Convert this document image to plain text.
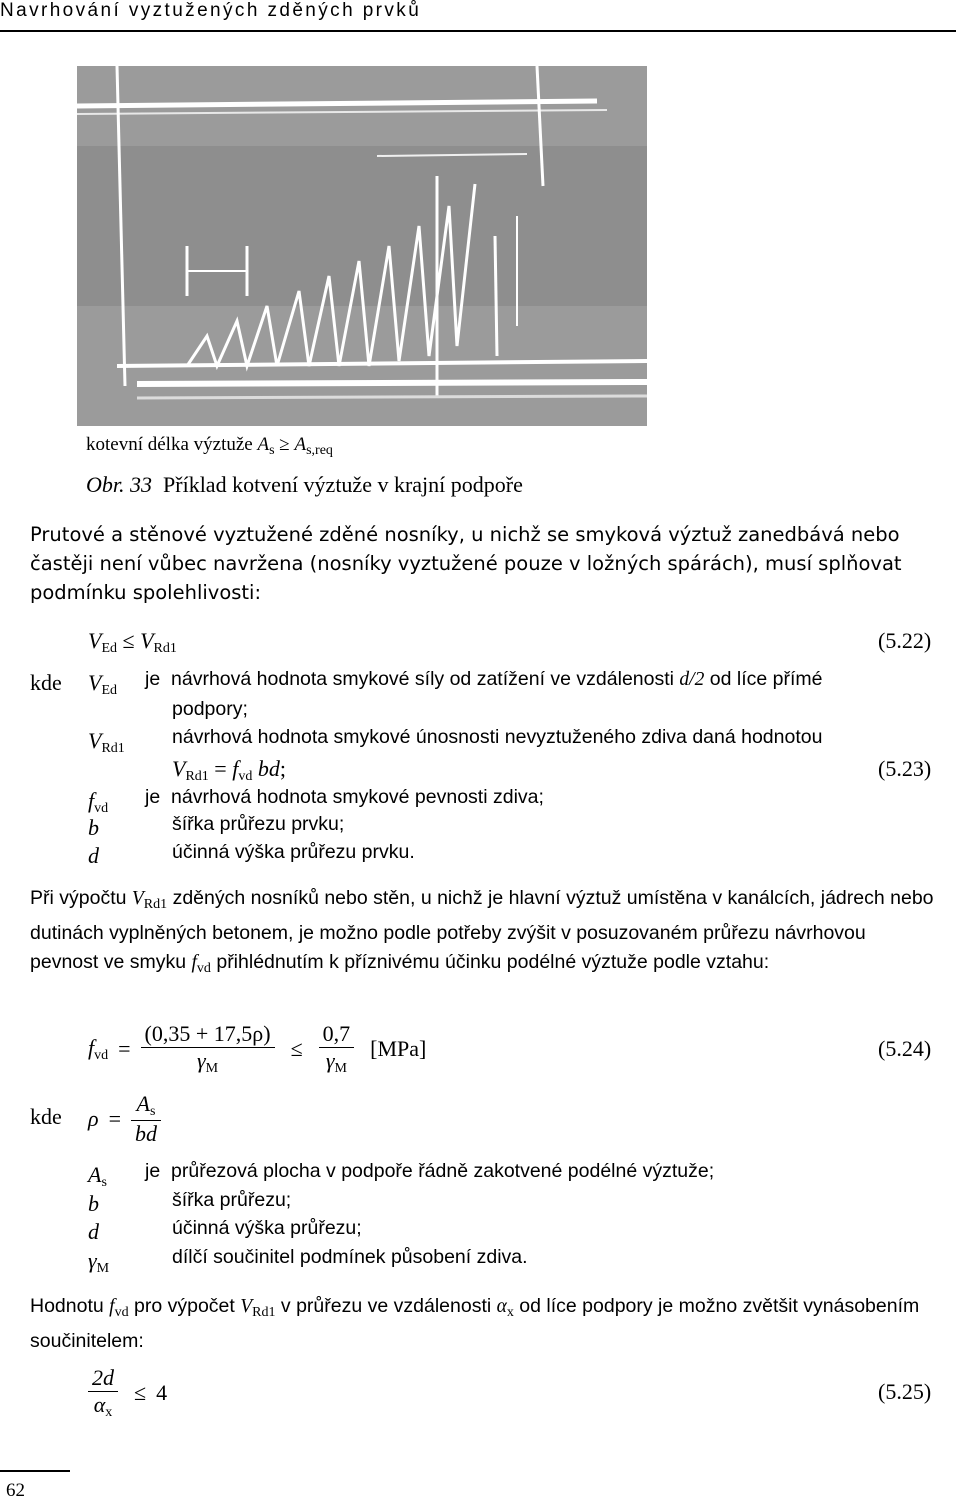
Navrhování vyztužených zděných prvků
kotevní délka výztuže $A_s \ge A_{s,req}$
Obr. 33 Příklad kotvení výztuže v krajní podpoře
Prutové a stěnové vyztužené zděné nosníky, u nichž se smyková výztuž zanedbává nebo častěji není vůbec navržena (nosníky vyztužené pouze v ložných spárách), musí splňovat podmínku spolehlivosti:
$V_{Ed} \le V_{Rd1}$	(5.22)
kde $V_{Ed}$
je návrhová hodnota smykové síly od zatížení ve vzdálenosti d/2 od líce přímé
podpory;
$V_{Rd1}$
návrhová hodnota smykové únosnosti nevyztuženého zdiva daná hodnotou
$V_{Rd1} = f_{vd}$ bd;	(5.23)
$f_{vd}$
je návrhová hodnota smykové pevnosti zdiva;
b	šířka průřezu prvku;
d	účinná výška průřezu prvku.
Při výpočtu $V_{Rd1}$ zděných nosníků nebo stěn, u nichž je hlavní výztuž umístěna v kanálcích, jádrech nebo dutinách vyplněných betonem, je možno podle potřeby zvýšit v posuzovaném průřezu návrhovou pevnost ve smyku $f_{vd}$ přihlédnutím k příznivému účinku podélné výztuže podle vztahu:
$f_{vd} = \frac{(0,35 + 17,5\rho)}{\gamma_M} \le \frac{0,7}{\gamma_M} [MPa]$	(5.24)
kde $\rho = \frac{A_s}{bd}$
$A_s$
je průřezová plocha v podpoře řádně zakotvené podélné výztuže;
b	šířka průřezu;
d	účinná výška průřezu;
$\gamma_M$
dílčí součinitel podmínek působení zdiva.
Hodnotu $f_{vd}$ pro výpočet $V_{Rd1}$ v průřezu ve vzdálenosti $\alpha_x$ od líce podpory je možno zvětšit vynásobením součinitelem:
$\frac{2d}{\alpha_x} \le 4$	(5.25)
62
